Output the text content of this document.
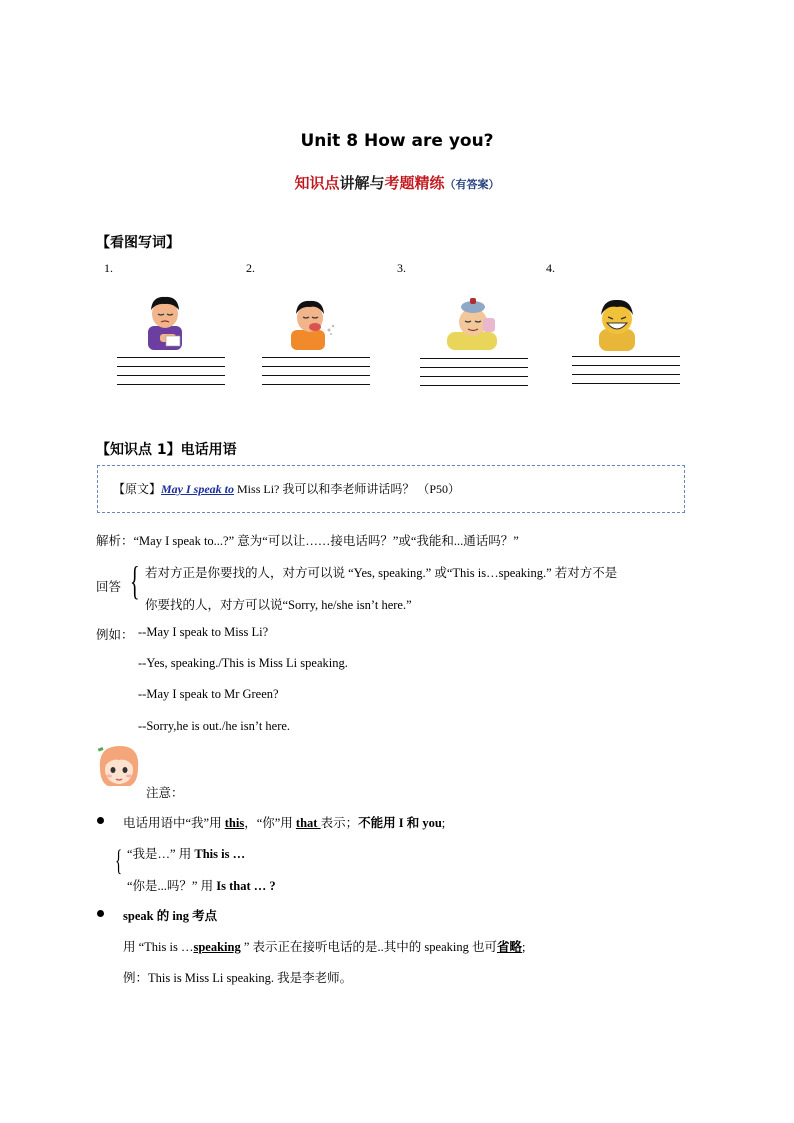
Unit 8 How are you?
知识点讲解与考题精练（有答案）
【看图写词】
1.	2.	3.	4.
【知识点 1】电话用语
【原文】May I speak to Miss Li? 我可以和李老师讲话吗？ （P50）
解析：“May I speak to...?” 意为“可以让……接电话吗？”或“我能和...通话吗？”
回答 { 若对方正是你要找的人，对方可以说 “Yes, speaking.” 或“This is…speaking.” 若对方不是
你要找的人，对方可以说“Sorry, he/she isn’t here.”
例如： --May I speak to Miss Li?
--Yes, speaking./This is Miss Li speaking.
--May I speak to Mr Green?
--Sorry,he is out./he isn’t here.
注意：
电话用语中“我”用 this，“你”用 that 表示；不能用 I 和 you;
{ “我是…” 用 This is …
“你是...吗？” 用 Is that … ?
speak 的 ing 考点
用 “This is …speaking ” 表示正在接听电话的是..其中的 speaking 也可省略;
例：This is Miss Li speaking. 我是李老师。
